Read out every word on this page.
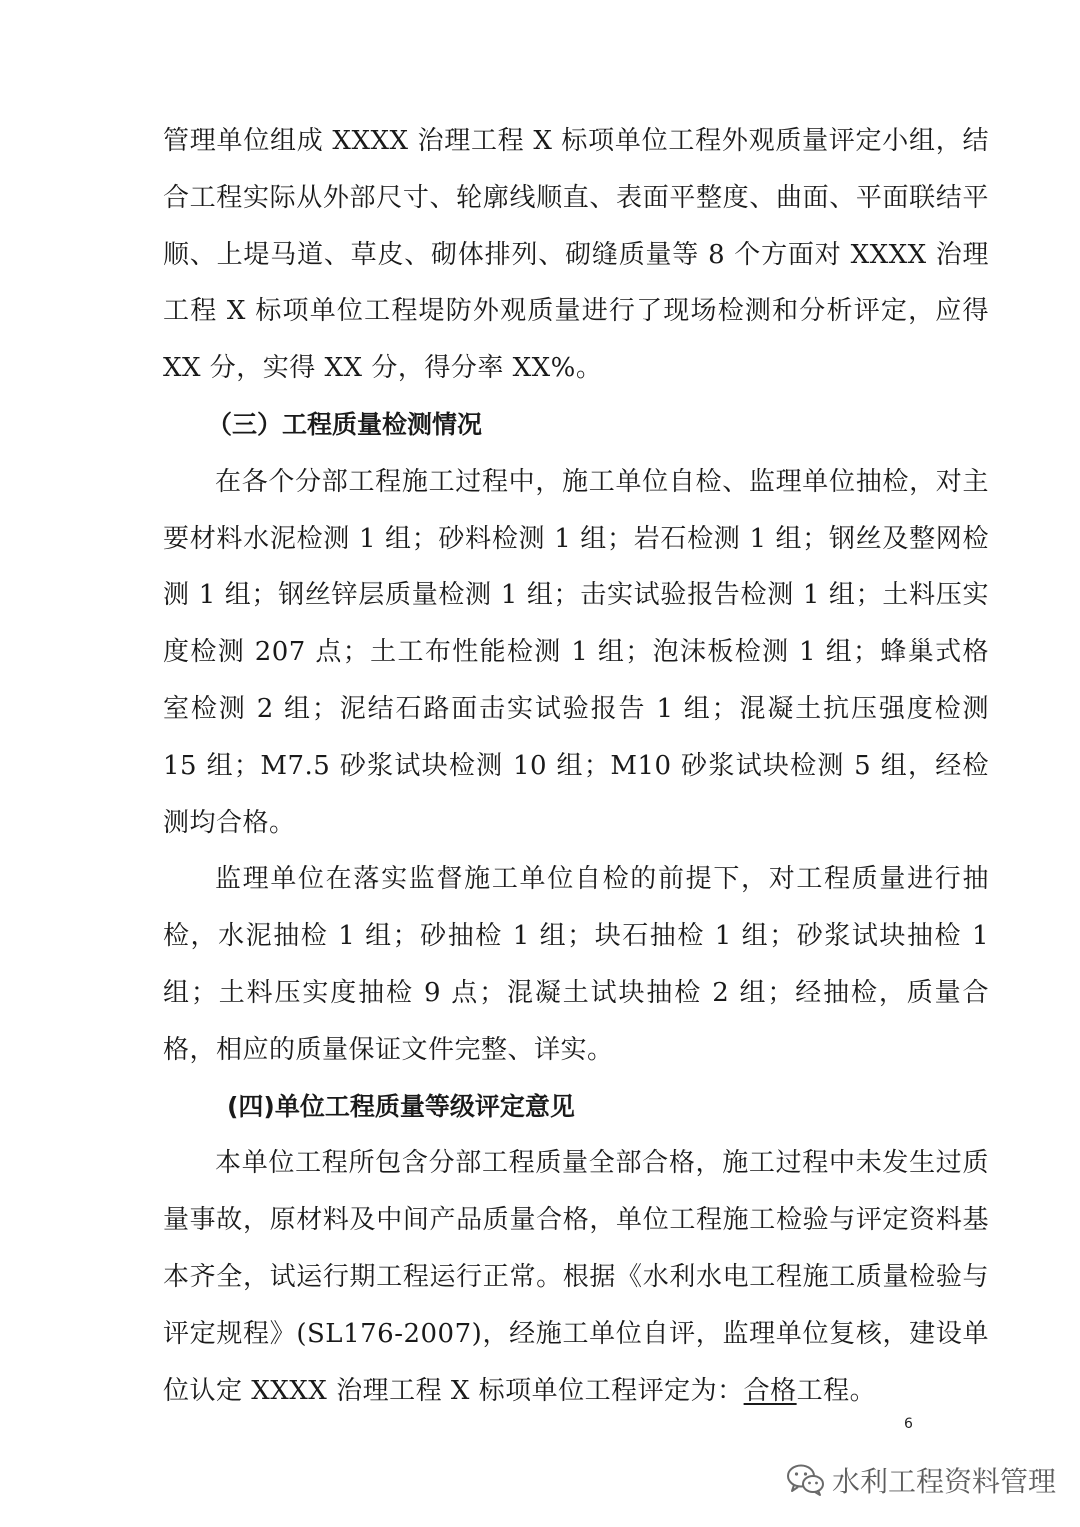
管理单位组成 XXXX 治理工程 X 标项单位工程外观质量评定小组，结合工程实际从外部尺寸、轮廓线顺直、表面平整度、曲面、平面联结平顺、上堤马道、草皮、砌体排列、砌缝质量等 8 个方面对 XXXX 治理工程 X 标项单位工程堤防外观质量进行了现场检测和分析评定，应得 XX 分，实得 XX 分，得分率 XX%。

（三）工程质量检测情况

在各个分部工程施工过程中，施工单位自检、监理单位抽检，对主要材料水泥检测 1 组；砂料检测 1 组；岩石检测 1 组；钢丝及整网检测 1 组；钢丝锌层质量检测 1 组；击实试验报告检测 1 组；土料压实度检测 207 点；土工布性能检测 1 组；泡沫板检测 1 组；蜂巢式格室检测 2 组；泥结石路面击实试验报告 1 组；混凝土抗压强度检测 15 组；M7.5 砂浆试块检测 10 组；M10 砂浆试块检测 5 组，经检测均合格。

监理单位在落实监督施工单位自检的前提下，对工程质量进行抽检，水泥抽检 1 组；砂抽检 1 组；块石抽检 1 组；砂浆试块抽检 1 组；土料压实度抽检 9 点；混凝土试块抽检 2 组；经抽检，质量合格，相应的质量保证文件完整、详实。

(四)单位工程质量等级评定意见

本单位工程所包含分部工程质量全部合格，施工过程中未发生过质量事故，原材料及中间产品质量合格，单位工程施工检验与评定资料基本齐全，试运行期工程运行正常。根据《水利水电工程施工质量检验与评定规程》(SL176-2007)，经施工单位自评，监理单位复核，建设单位认定 XXXX 治理工程 X 标项单位工程评定为：合格工程。

6
水利工程资料管理
